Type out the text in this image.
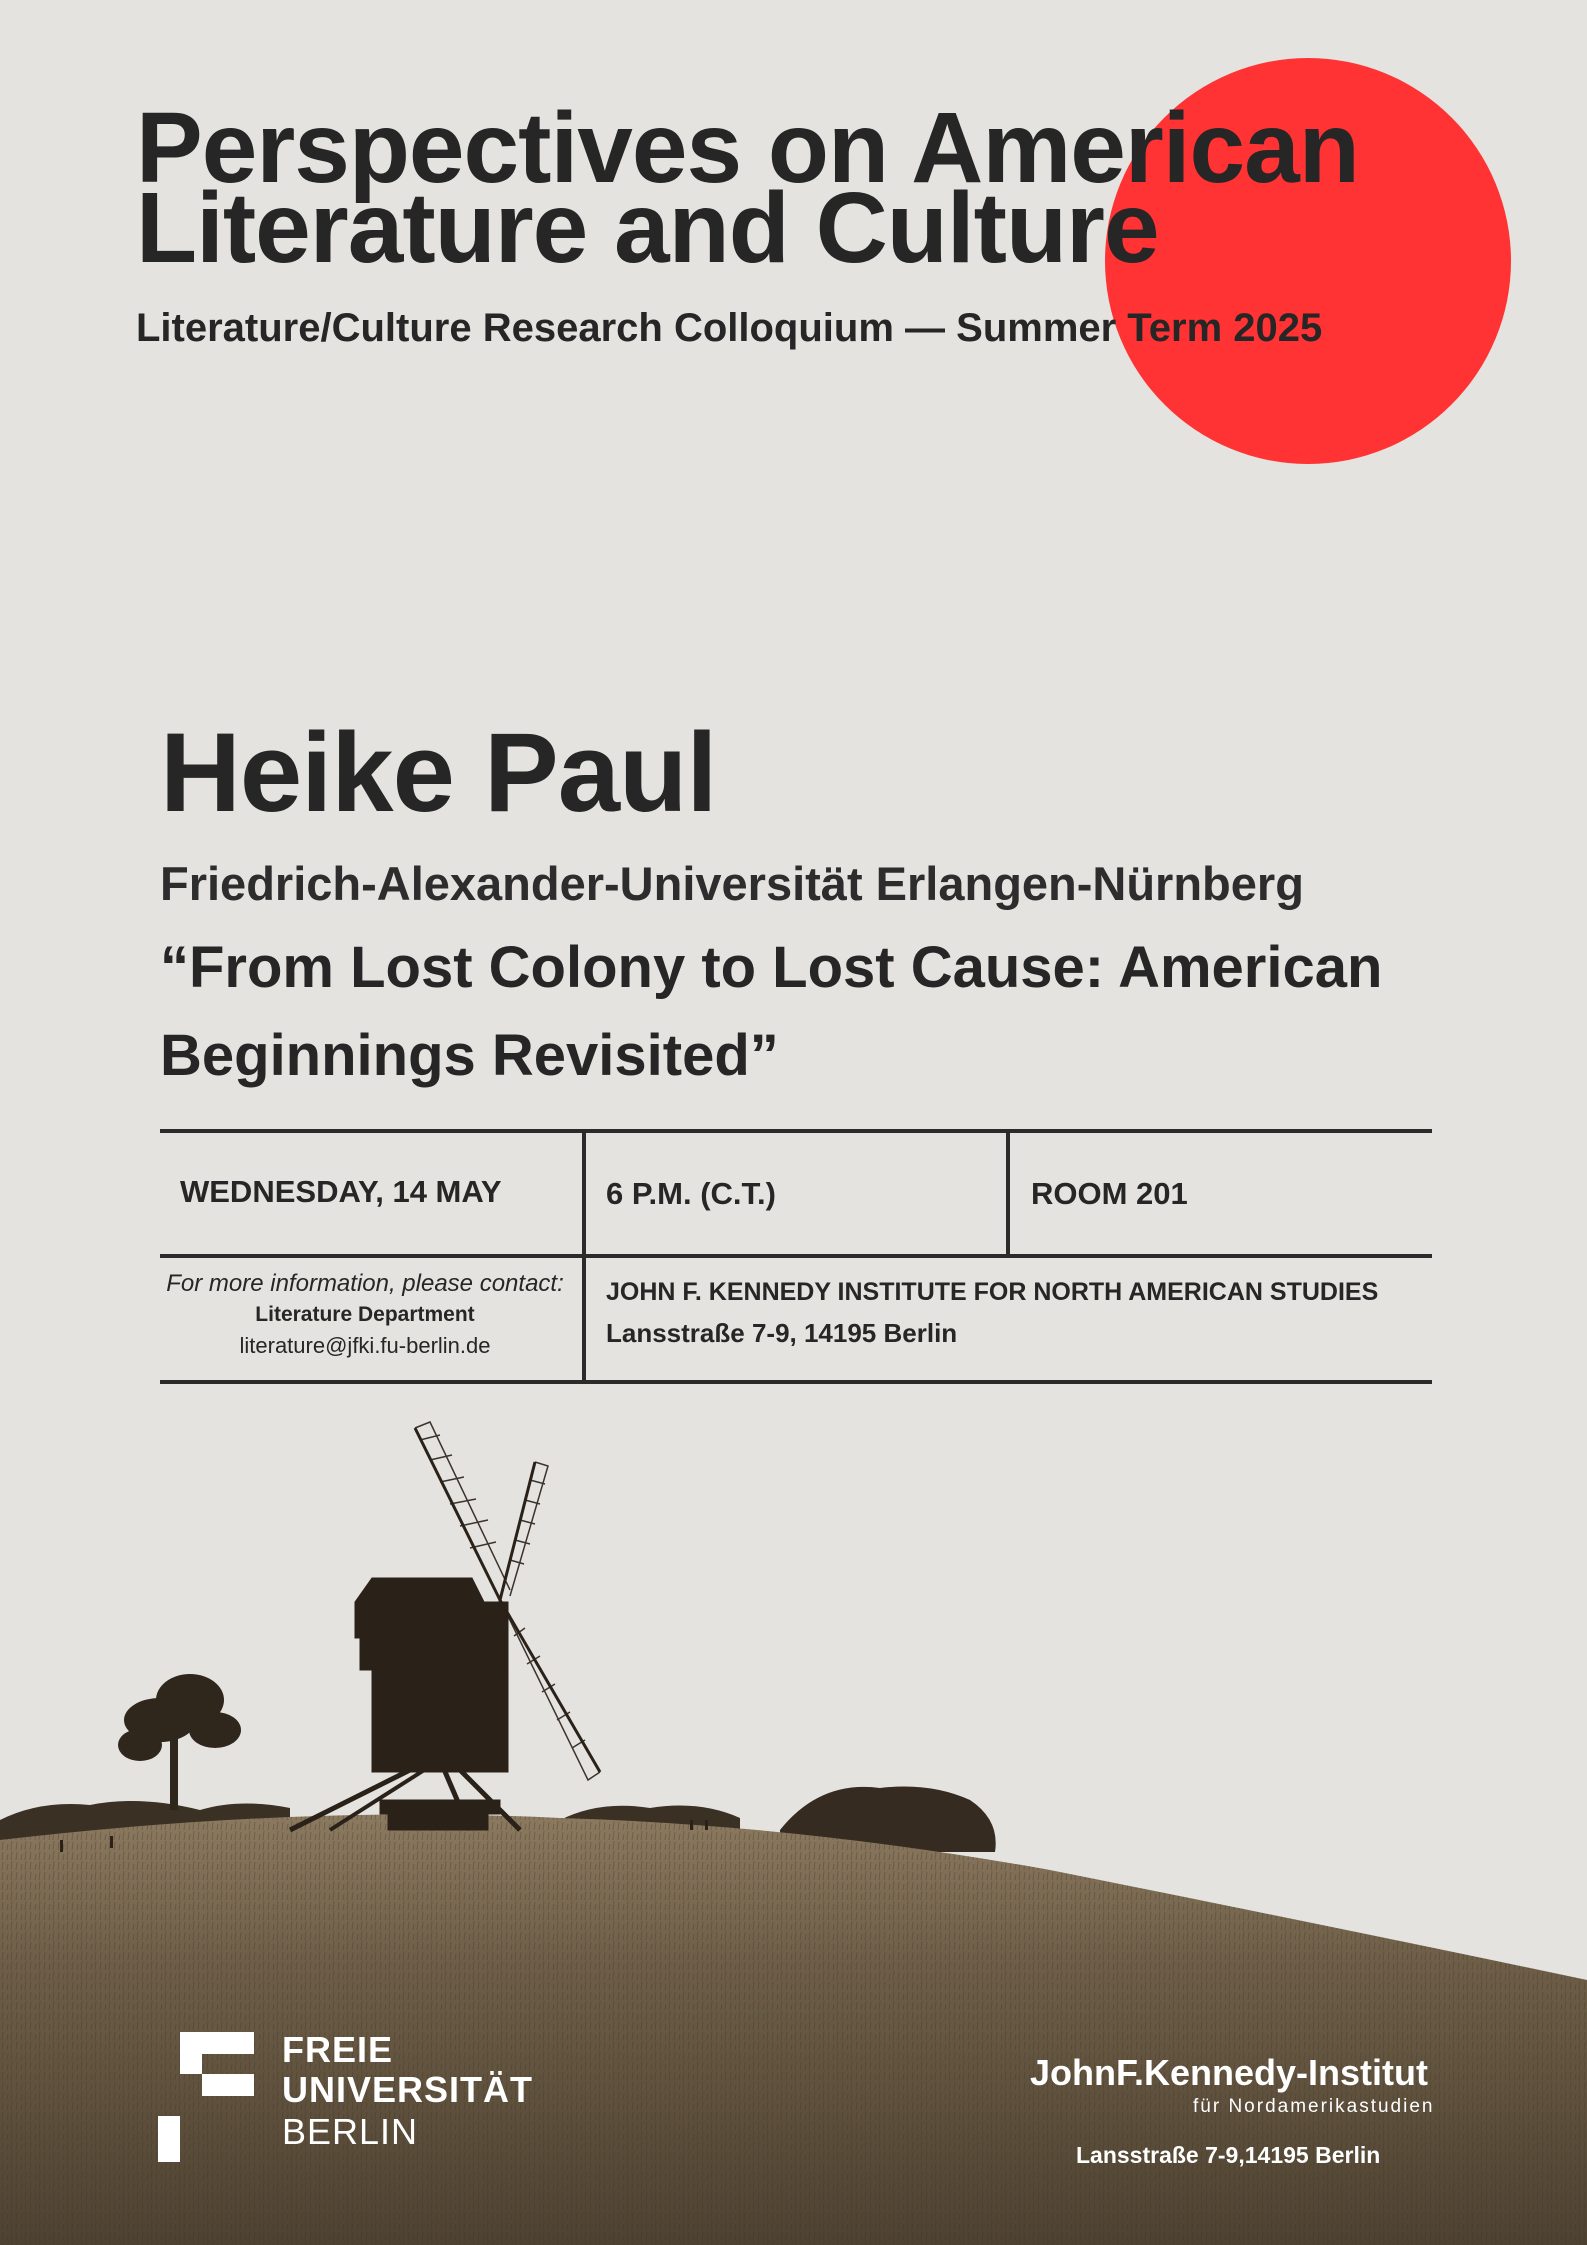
Perspectives on American
Literature and Culture
Literature/Culture Research Colloquium — Summer Term 2025
Heike Paul
Friedrich-Alexander-Universität Erlangen-Nürnberg
“From Lost Colony to Lost Cause: American Beginnings Revisited”
WEDNESDAY, 14 MAY	6 P.M. (C.T.)	ROOM 201
For more information, please contact:
Literature Department
literature@jfki.fu-berlin.de
JOHN F. KENNEDY INSTITUTE FOR NORTH AMERICAN STUDIES
Lansstraße 7-9, 14195 Berlin
FREIE
UNIVERSITÄT
BERLIN
JohnF.Kennedy-Institut
für Nordamerikastudien
Lansstraße 7-9,14195 Berlin
